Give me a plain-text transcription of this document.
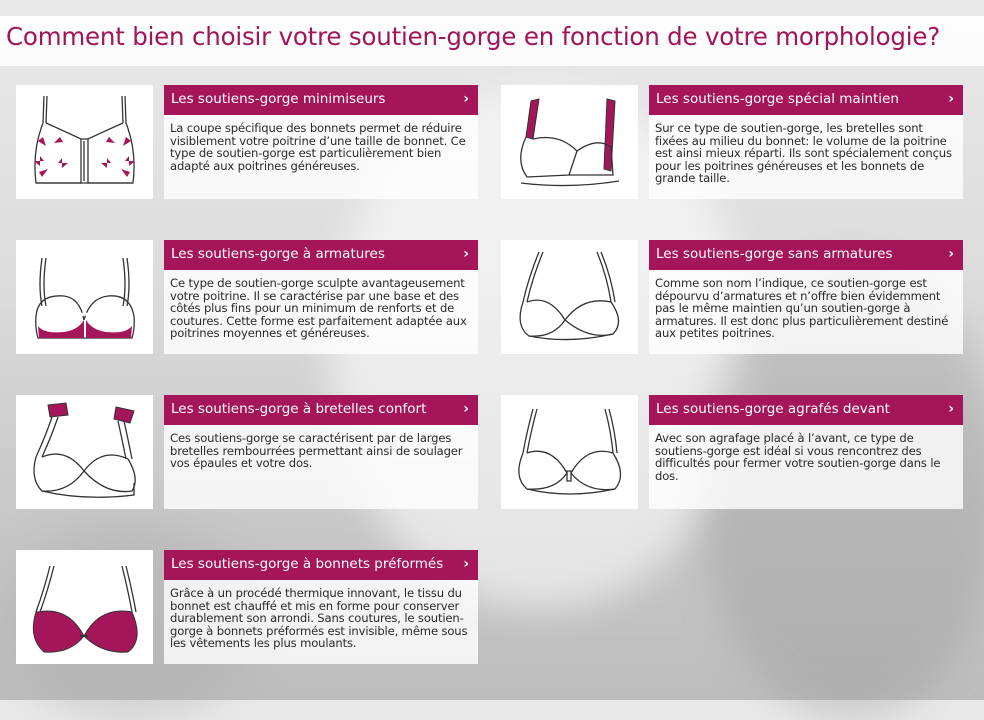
Comment bien choisir votre soutien-gorge en fonction de votre morphologie?
Les soutiens-gorge minimiseurs	›

La coupe spécifique des bonnets permet de réduire visiblement votre poitrine d’une taille de bonnet. Ce type de soutien-gorge est particulièrement bien adapté aux poitrines généreuses.

Les soutiens-gorge spécial maintien	›

Sur ce type de soutien-gorge, les bretelles sont fixées au milieu du bonnet: le volume de la poitrine est ainsi mieux réparti. Ils sont spécialement conçus pour les poitrines généreuses et les bonnets de grande taille.

Les soutiens-gorge à armatures	›

Ce type de soutien-gorge sculpte avantageusement votre poitrine. Il se caractérise par une base et des côtés plus fins pour un minimum de renforts et de coutures. Cette forme est parfaitement adaptée aux poitrines moyennes et généreuses.

Les soutiens-gorge sans armatures	›

Comme son nom l’indique, ce soutien-gorge est dépourvu d’armatures et n’offre bien évidemment pas le même maintien qu’un soutien-gorge à armatures. Il est donc plus particulièrement destiné aux petites poitrines.

Les soutiens-gorge à bretelles confort	›

Ces soutiens-gorge se caractérisent par de larges bretelles rembourrées permettant ainsi de soulager vos épaules et votre dos.

Les soutiens-gorge agrafés devant	›

Avec son agrafage placé à l’avant, ce type de soutiens-gorge est idéal si vous rencontrez des difficultés pour fermer votre soutien-gorge dans le dos.

Les soutiens-gorge à bonnets préformés ›

Grâce à un procédé thermique innovant, le tissu du bonnet est chauffé et mis en forme pour conserver durablement son arrondi. Sans coutures, le soutien-gorge à bonnets préformés est invisible, même sous les vêtements les plus moulants.
